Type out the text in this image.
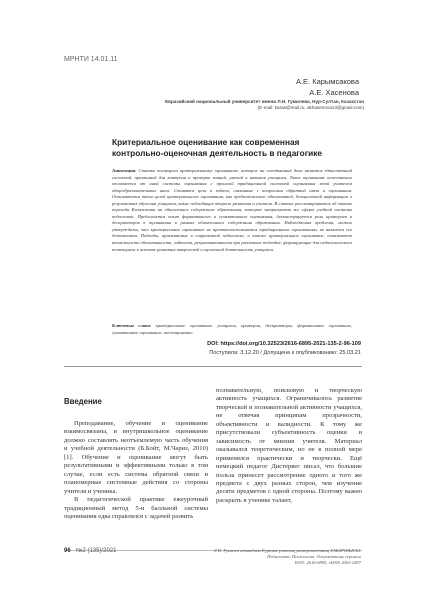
МРНТИ 14.01.11
А.Е. Карымсакова
А.Е. Хасенова
Евразийский национальный университет имени Л.Н. Гумилева, Нур-Султан, Казахстан
(E-mail: karas@mail.ru, akhasenova13@gmail.com)
Критериальное оценивание как современная контрольно-оценочная деятельность в педагогике
Аннотация. Статья посвящена критериальному оцениванию, которое на сегодняшний день является единственной системой, призванной для контроля и проверки знаний, умений и навыков учащихся. Такое оценивание качественно отличается от иной системы оценивания с прошлой традиционной системой оценивания этой учителем общеобразовательных школ. Ставятся цели и задачи, связанные с вопросами обратной связи и оценивания. Описываются типы целей критериального оценивания, как предоставление объективной, безоценочной информации о результатах обучения учащихся, какие подходящие вопросы развития и учителя. В статье рассматривается об этапах перехода Казахстана на обновленное содержание образования, которые затрагивают все сферы учебной системы педагогики. Предлагается опыт формативного и суммативного оценивания, демонстрируется роль критериев и дескрипторов в оценивании в рамках обновленного содержания образования. Наблюдаемая проблема, можно утверждать, что критериальное оценивание не противопоставляется традиционным оцениваниям, но является его дополнением. Подходы, применяемые в современной педагогике, а также критериальное оценивание, показывают возможность объективности, гибкости, результативности при различных подходах; формирующие для педагогического потенциала в аспекте развития творческой и оценочной деятельности учащихся.
Ключевые слова: критериальное оценивание, учащиеся, критерии, дескрипторы, формативное оценивание, суммативное оценивание, тестирование.
DOI: https://doi.org/10.32523/2616-6895-2021-135-2-96-109
Поступила: 3.12.20 / Допущена к опубликованию: 25.03.21
Введение

Преподавание, обучение и оценивание взаимосвязаны, и внутришкольное оценивание должно составлять неотъемлемую часть обучения и учебной деятельности (Б.Бойт, М.Чариз, 2010) [1]. Обучение и оценивание могут быть результативными и эффективными только в том случае, если есть система обратной связи и планомерные системные действия со стороны учителя и ученика.

В педагогической практике ежеурочный традиционный метод 5-и балльной системы оценивания едва справлялся с задачей развить

познавательную, поисковую и творческую активность учащихся. Ограничивалось развитие творческой и познавательной активности учащихся, не отвечая принципам прозрачности, объективности и валидности. К тому же присутствовали субъективность оценки и зависимость от мнения учителя. Материал оказывался теоретическим, но не в полной мере применялся практически и творчески. Ещё немецкий педагог Дистервег писал, что большие польза принесет рассмотрение одного и того же предмета с двух разных сторон, чем изучение десяти предметов с одной стороны. Поэтому важно раскрыть в ученике талант,

96 №2 (135)/2021	Л.Н. Гумилев атындағы Еуразия ұлттық университетінің ХАБАРШЫСЫ.
Педагогика. Психология. Әлеуметтану сериясы
ISSN: 2616-6895, eISSN 2663-2497
